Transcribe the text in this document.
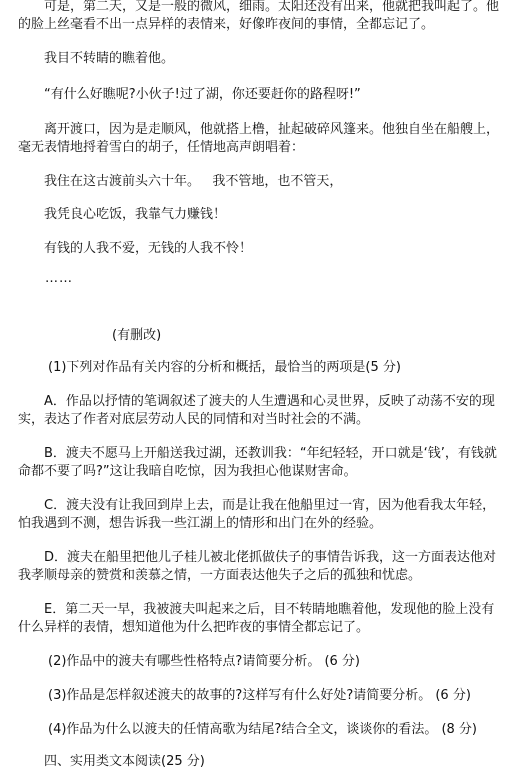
可是，第二天，又是一般的微风，细雨。太阳还没有出来，他就把我叫起了。他的脸上丝毫看不出一点异样的表情来，好像昨夜间的事情，全都忘记了。

我目不转睛的瞧着他。

“有什么好瞧呢?小伙子!过了湖，你还要赶你的路程呀!”

离开渡口，因为是走顺风，他就搭上橹，扯起破碎风篷来。他独自坐在船艘上，毫无表情地捋着雪白的胡子，任情地高声朗唱着：

我住在这古渡前头六十年。   我不管地，也不管天，

我凭良心吃饭，我靠气力赚钱！

有钱的人我不爱，无钱的人我不怜！

……

(有删改)

(1)下列对作品有关内容的分析和概括，最恰当的两项是(5 分)

A．作品以抒情的笔调叙述了渡夫的人生遭遇和心灵世界，反映了动荡不安的现实，表达了作者对底层劳动人民的同情和对当时社会的不满。

B．渡夫不愿马上开船送我过湖，还教训我：“年纪轻轻，开口就是‘钱’，有钱就命都不要了吗?”这让我暗自吃惊，因为我担心他谋财害命。

C．渡夫没有让我回到岸上去，而是让我在他船里过一宵，因为他看我太年轻，怕我遇到不测，想告诉我一些江湖上的情形和出门在外的经验。

D．渡夫在船里把他儿子桂儿被北佬抓做伕子的事情告诉我，这一方面表达他对我孝顺母亲的赞赏和羡慕之情，一方面表达他失子之后的孤独和忧虑。

E．第二天一早，我被渡夫叫起来之后，目不转睛地瞧着他，发现他的脸上没有什么异样的表情，想知道他为什么把昨夜的事情全都忘记了。

(2)作品中的渡夫有哪些性格特点?请简要分析。 (6 分)

(3)作品是怎样叙述渡夫的故事的?这样写有什么好处?请简要分析。 (6 分)

(4)作品为什么以渡夫的任情高歌为结尾?结合全文，谈谈你的看法。 (8 分)

四、实用类文本阅读(25 分)
